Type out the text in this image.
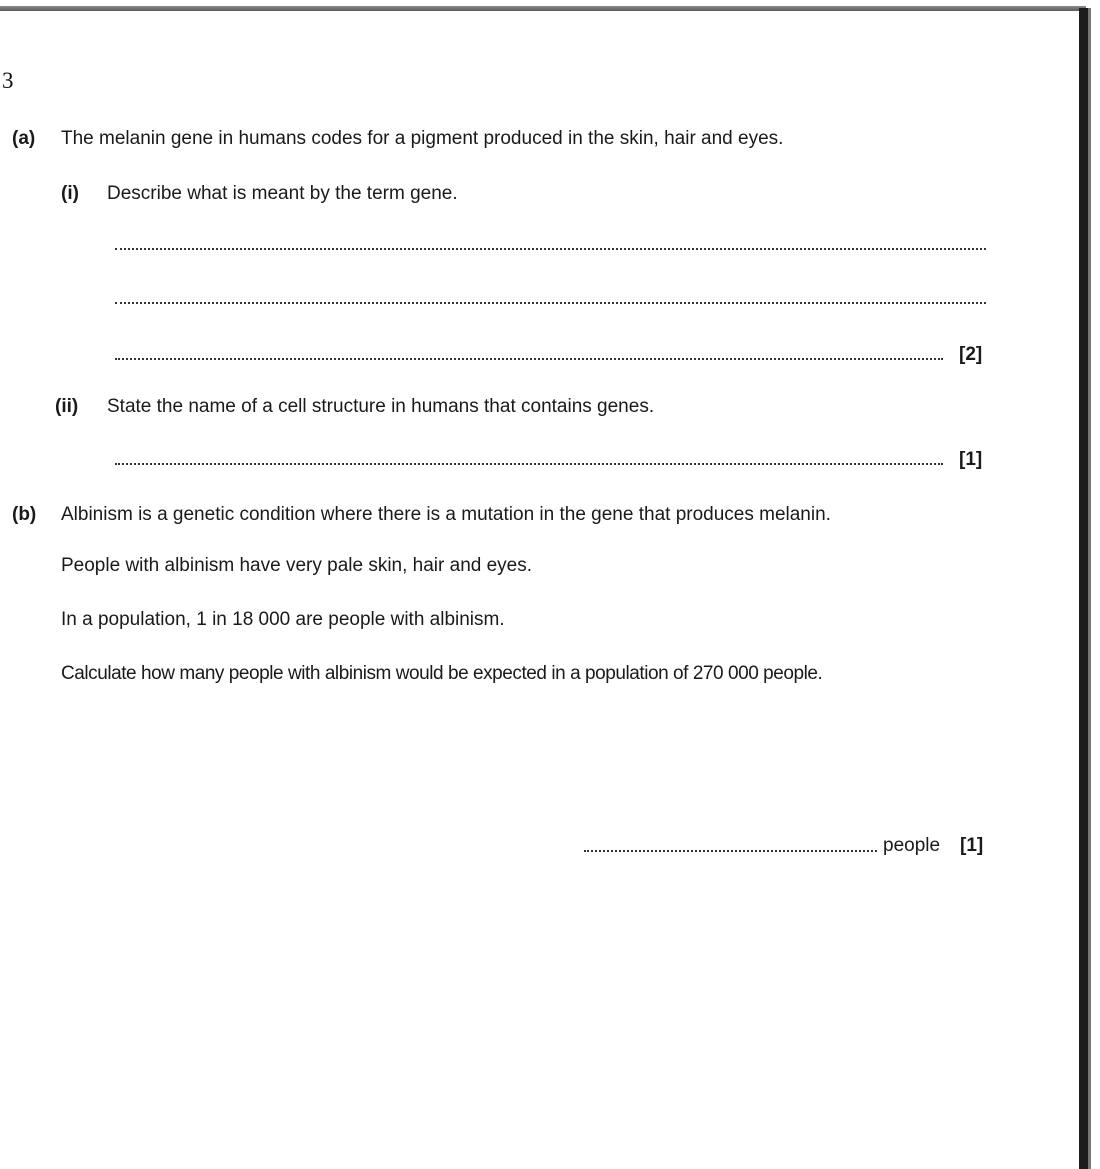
3
(a) The melanin gene in humans codes for a pigment produced in the skin, hair and eyes.
(i) Describe what is meant by the term gene.
[2]
(ii) State the name of a cell structure in humans that contains genes.
[1]
(b) Albinism is a genetic condition where there is a mutation in the gene that produces melanin.
People with albinism have very pale skin, hair and eyes.
In a population, 1 in 18 000 are people with albinism.
Calculate how many people with albinism would be expected in a population of 270 000 people.
people [1]
